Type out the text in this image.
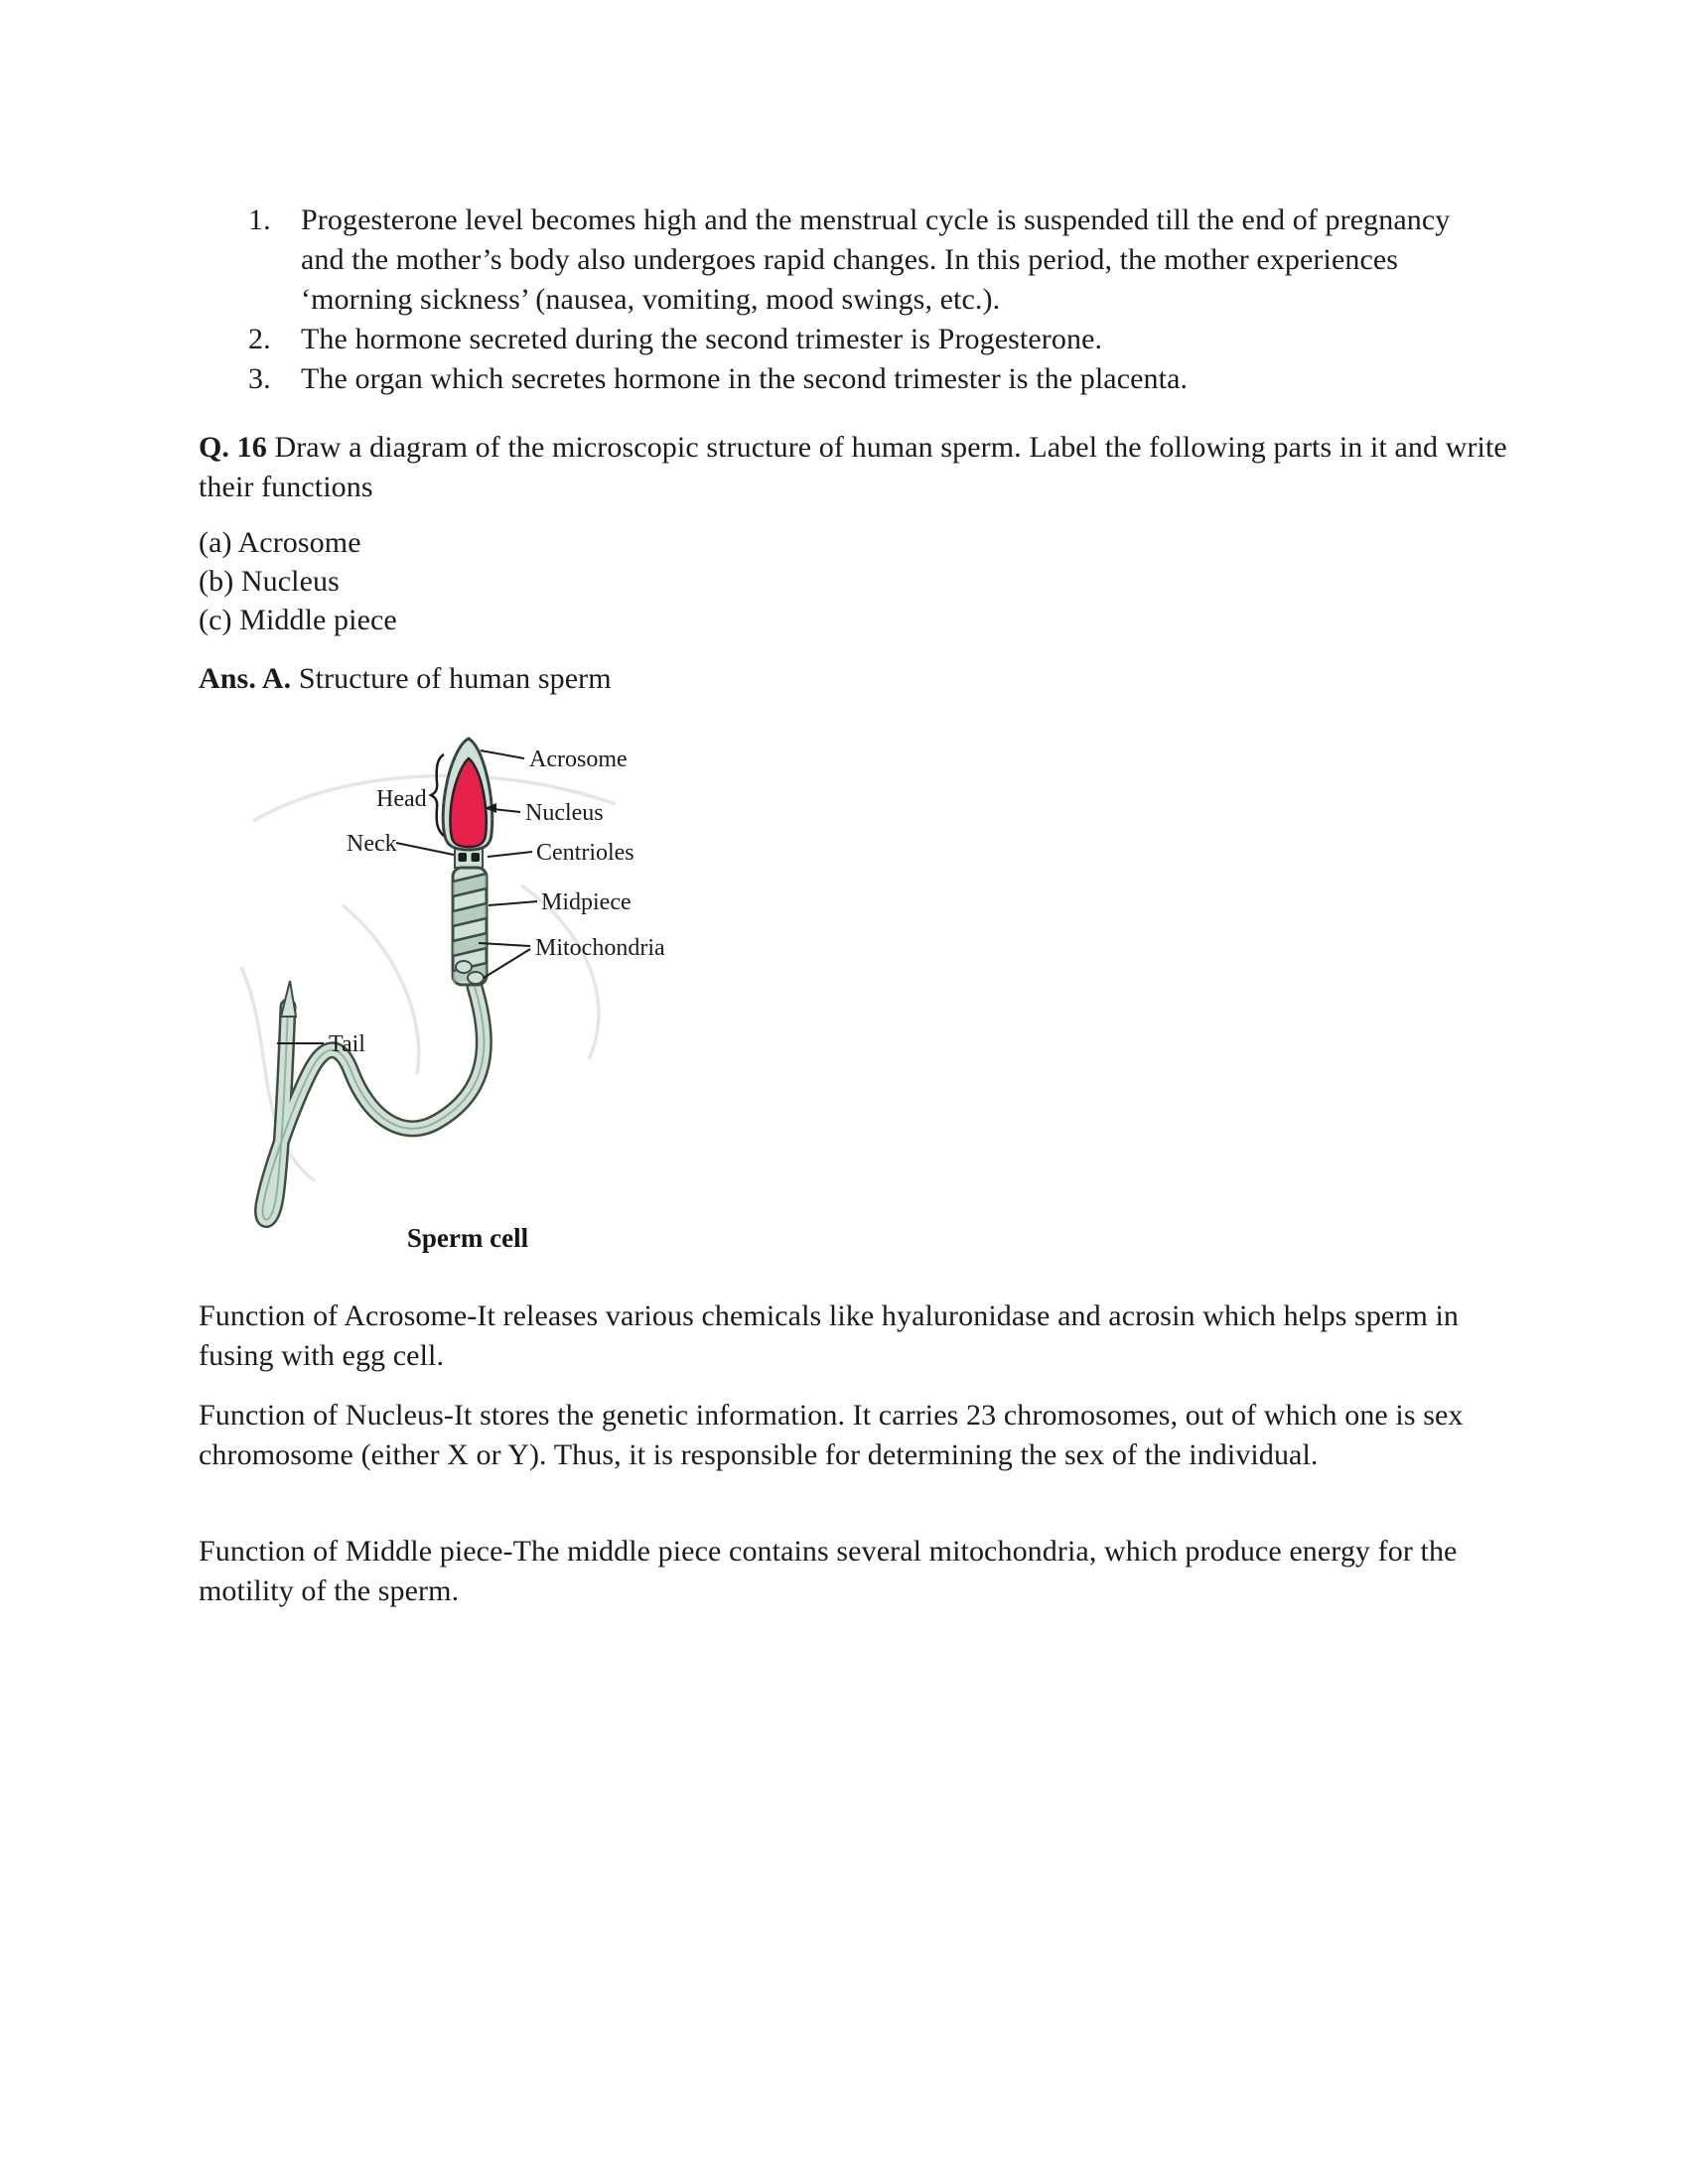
1.	Progesterone level becomes high and the menstrual cycle is suspended till the end of pregnancy and the mother’s body also undergoes rapid changes. In this period, the mother experiences ‘morning sickness’ (nausea, vomiting, mood swings, etc.).
2.	The hormone secreted during the second trimester is Progesterone.
3.	The organ which secretes hormone in the second trimester is the placenta.

Q. 16 Draw a diagram of the microscopic structure of human sperm. Label the following parts in it and write their functions

(a) Acrosome
(b) Nucleus
(c) Middle piece

Ans. A. Structure of human sperm

Acrosome
Head
Nucleus
Neck	Centrioles
Midpiece
Mitochondria
Tail
Sperm cell

Function of Acrosome-It releases various chemicals like hyaluronidase and acrosin which helps sperm in fusing with egg cell.

Function of Nucleus-It stores the genetic information. It carries 23 chromosomes, out of which one is sex chromosome (either X or Y). Thus, it is responsible for determining the sex of the individual.

Function of Middle piece-The middle piece contains several mitochondria, which produce energy for the motility of the sperm.
